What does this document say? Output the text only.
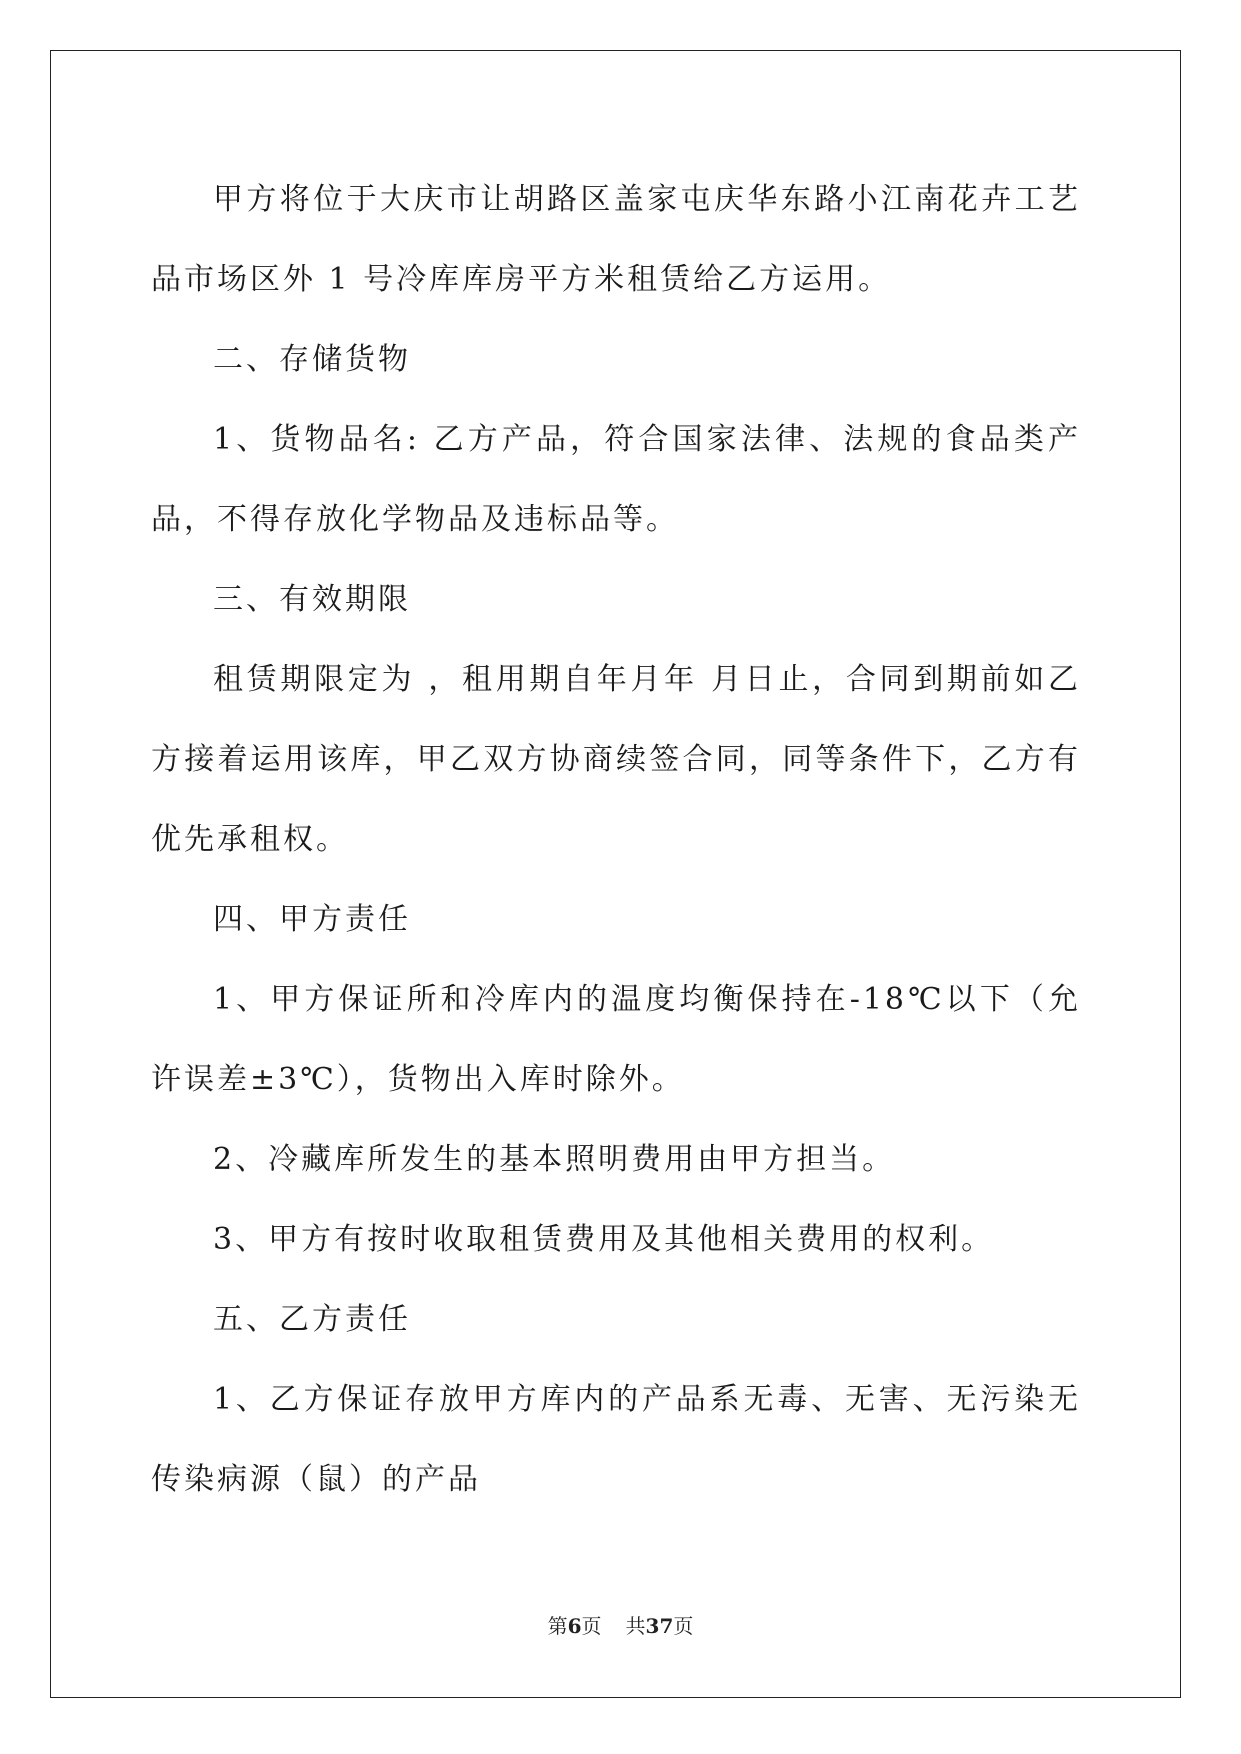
甲方将位于大庆市让胡路区盖家屯庆华东路小江南花卉工艺品市场区外 1 号冷库库房平方米租赁给乙方运用。

二、存储货物

1、货物品名: 乙方产品，符合国家法律、法规的食品类产品，不得存放化学物品及违标品等。

三、有效期限

租赁期限定为 ，租用期自年月年 月日止，合同到期前如乙方接着运用该库，甲乙双方协商续签合同，同等条件下，乙方有优先承租权。

四、甲方责任

1、甲方保证所和冷库内的温度均衡保持在-18℃以下（允许误差±3℃），货物出入库时除外。

2、冷藏库所发生的基本照明费用由甲方担当。

3、甲方有按时收取租赁费用及其他相关费用的权利。

五、乙方责任

1、乙方保证存放甲方库内的产品系无毒、无害、无污染无传染病源（鼠）的产品

第6页 共37页
